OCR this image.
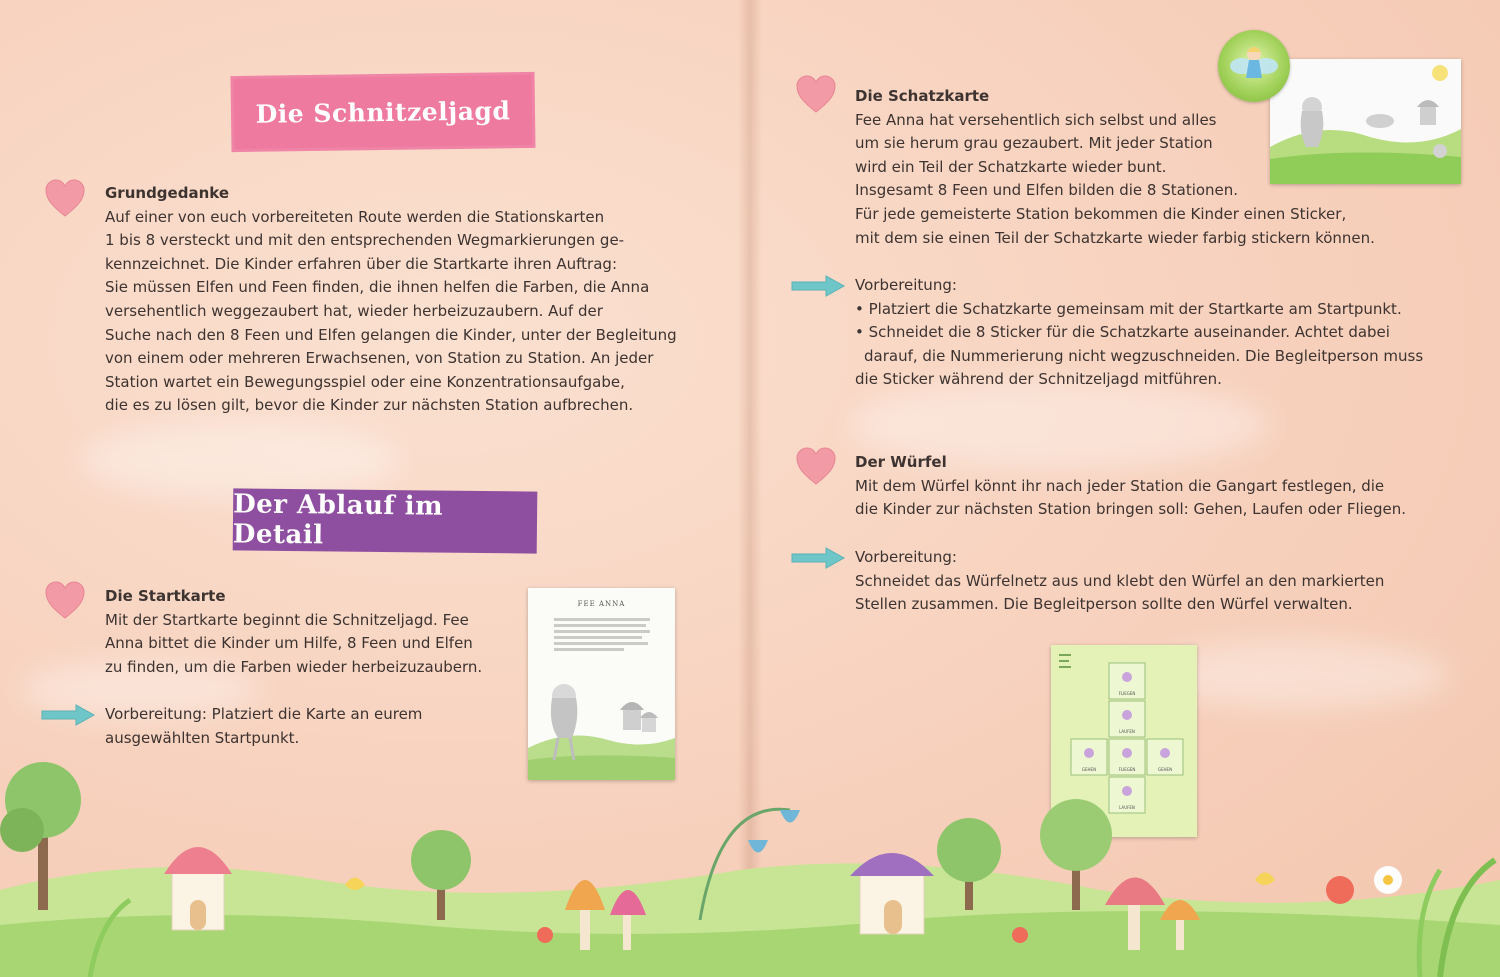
Die Schnitzeljagd

Grundgedanke

Auf einer von euch vorbereiteten Route werden die Stationskarten

1 bis 8 versteckt und mit den entsprechenden Wegmarkierungen ge-

kennzeichnet. Die Kinder erfahren über die Startkarte ihren Auftrag:

Sie müssen Elfen und Feen finden, die ihnen helfen die Farben, die Anna

versehentlich weggezaubert hat, wieder herbeizuzaubern. Auf der

Suche nach den 8 Feen und Elfen gelangen die Kinder, unter der Begleitung

von einem oder mehreren Erwachsenen, von Station zu Station. An jeder

Station wartet ein Bewegungsspiel oder eine Konzentrationsaufgabe,

die es zu lösen gilt, bevor die Kinder zur nächsten Station aufbrechen.

Der Ablauf im Detail

Die Startkarte

Mit der Startkarte beginnt die Schnitzeljagd. Fee

Anna bittet die Kinder um Hilfe, 8 Feen und Elfen

zu finden, um die Farben wieder herbeizuzaubern.

Vorbereitung: Platziert die Karte an eurem

ausgewählten Startpunkt.

FEE ANNA

Die Schatzkarte

Fee Anna hat versehentlich sich selbst und alles

um sie herum grau gezaubert. Mit jeder Station

wird ein Teil der Schatzkarte wieder bunt.

Insgesamt 8 Feen und Elfen bilden die 8 Stationen.

Für jede gemeisterte Station bekommen die Kinder einen Sticker,

mit dem sie einen Teil der Schatzkarte wieder farbig stickern können.

Vorbereitung:

• Platziert die Schatzkarte gemeinsam mit der Startkarte am Startpunkt.

• Schneidet die 8 Sticker für die Schatzkarte auseinander. Achtet dabei

darauf, die Nummerierung nicht wegzuschneiden. Die Begleitperson muss

die Sticker während der Schnitzeljagd mitführen.

Der Würfel

Mit dem Würfel könnt ihr nach jeder Station die Gangart festlegen, die

die Kinder zur nächsten Station bringen soll: Gehen, Laufen oder Fliegen.

Vorbereitung:

Schneidet das Würfelnetz aus und klebt den Würfel an den markierten

Stellen zusammen. Die Begleitperson sollte den Würfel verwalten.

FLIEGEN
LAUFEN
GEHEN	FLIEGEN	GEHEN
LAUFEN
